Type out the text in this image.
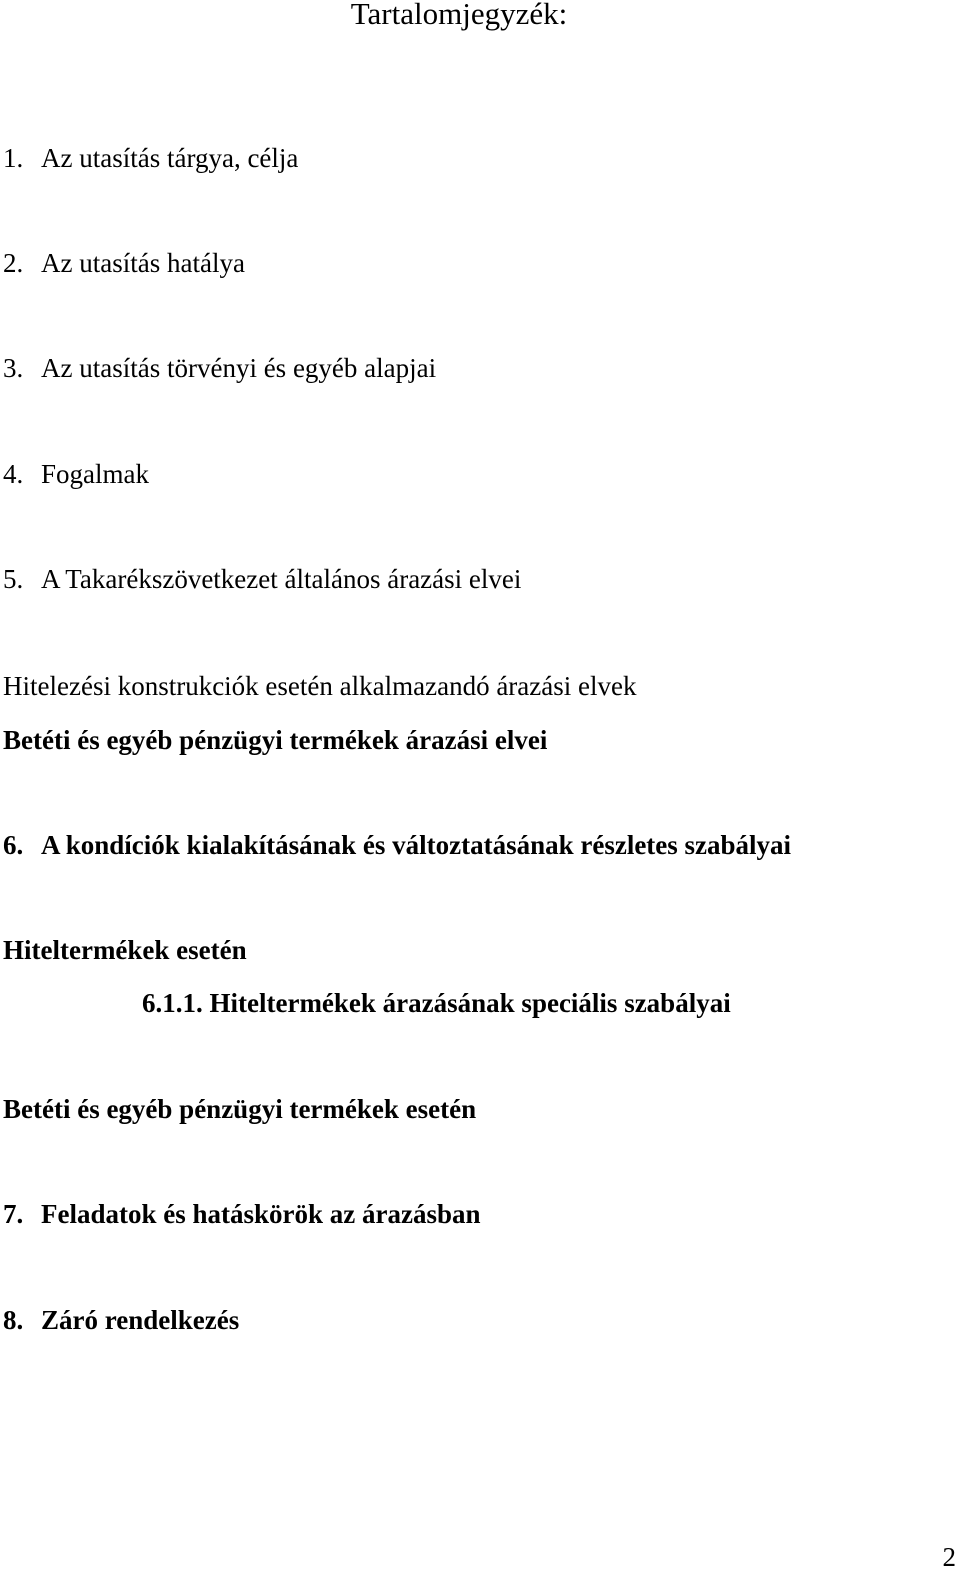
Tartalomjegyzék:
1. Az utasítás tárgya, célja
2. Az utasítás hatálya
3. Az utasítás törvényi és egyéb alapjai
4. Fogalmak
5. A Takarékszövetkezet általános árazási elvei
Hitelezési konstrukciók esetén alkalmazandó árazási elvek
Betéti és egyéb pénzügyi termékek árazási elvei
6. A kondíciók kialakításának és változtatásának részletes szabályai
Hiteltermékek esetén
6.1.1. Hiteltermékek árazásának speciális szabályai
Betéti és egyéb pénzügyi termékek esetén
7. Feladatok és hatáskörök az árazásban
8. Záró rendelkezés
2
